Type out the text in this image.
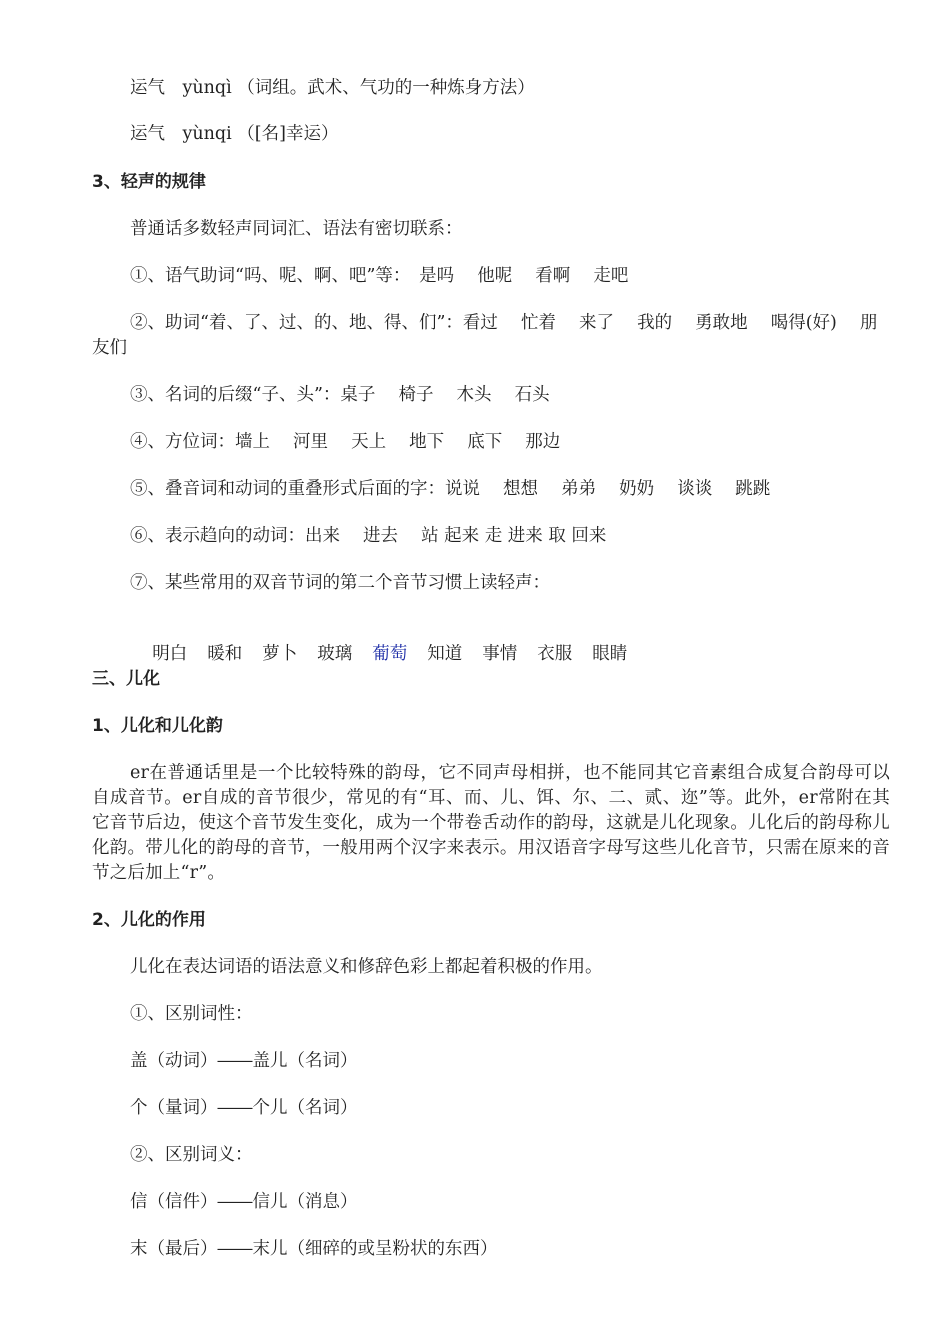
运气　yùnqì （词组。武术、气功的一种炼身方法）
运气　yùnqi （[名]幸运）
3、轻声的规律
普通话多数轻声同词汇、语法有密切联系：
①、语气助词“吗、呢、啊、吧”等：　是吗　 他呢　 看啊　 走吧
②、助词“着、了、过、的、地、得、们”：看过　 忙着　 来了　 我的　 勇敢地　 喝得(好)　 朋
友们
③、名词的后缀“子、头”：桌子　 椅子　 木头　 石头
④、方位词：墙上　 河里　 天上　 地下　 底下　 那边
⑤、叠音词和动词的重叠形式后面的字：说说　 想想　 弟弟　 奶奶　 谈谈　 跳跳
⑥、表示趋向的动词：出来　 进去　 站 起来 走 进来 取 回来
⑦、某些常用的双音节词的第二个音节习惯上读轻声：

明白 暖和 萝卜 玻璃 葡萄 知道 事情 衣服 眼睛

三、儿化
1、儿化和儿化韵
er在普通话里是一个比较特殊的韵母，它不同声母相拼，也不能同其它音素组合成复合韵母可以自成音节。er自成的音节很少，常见的有“耳、而、儿、饵、尔、二、贰、迩”等。此外，er常附在其它音节后边，使这个音节发生变化，成为一个带卷舌动作的韵母，这就是儿化现象。儿化后的韵母称儿化韵。带儿化的韵母的音节，一般用两个汉字来表示。用汉语音字母写这些儿化音节，只需在原来的音节之后加上“r”。
2、儿化的作用
儿化在表达词语的语法意义和修辞色彩上都起着积极的作用。
①、区别词性：
盖（动词）――盖儿（名词）
个（量词）――个儿（名词）
②、区别词义：
信（信件）――信儿（消息）
末（最后）――末儿（细碎的或呈粉状的东西）
